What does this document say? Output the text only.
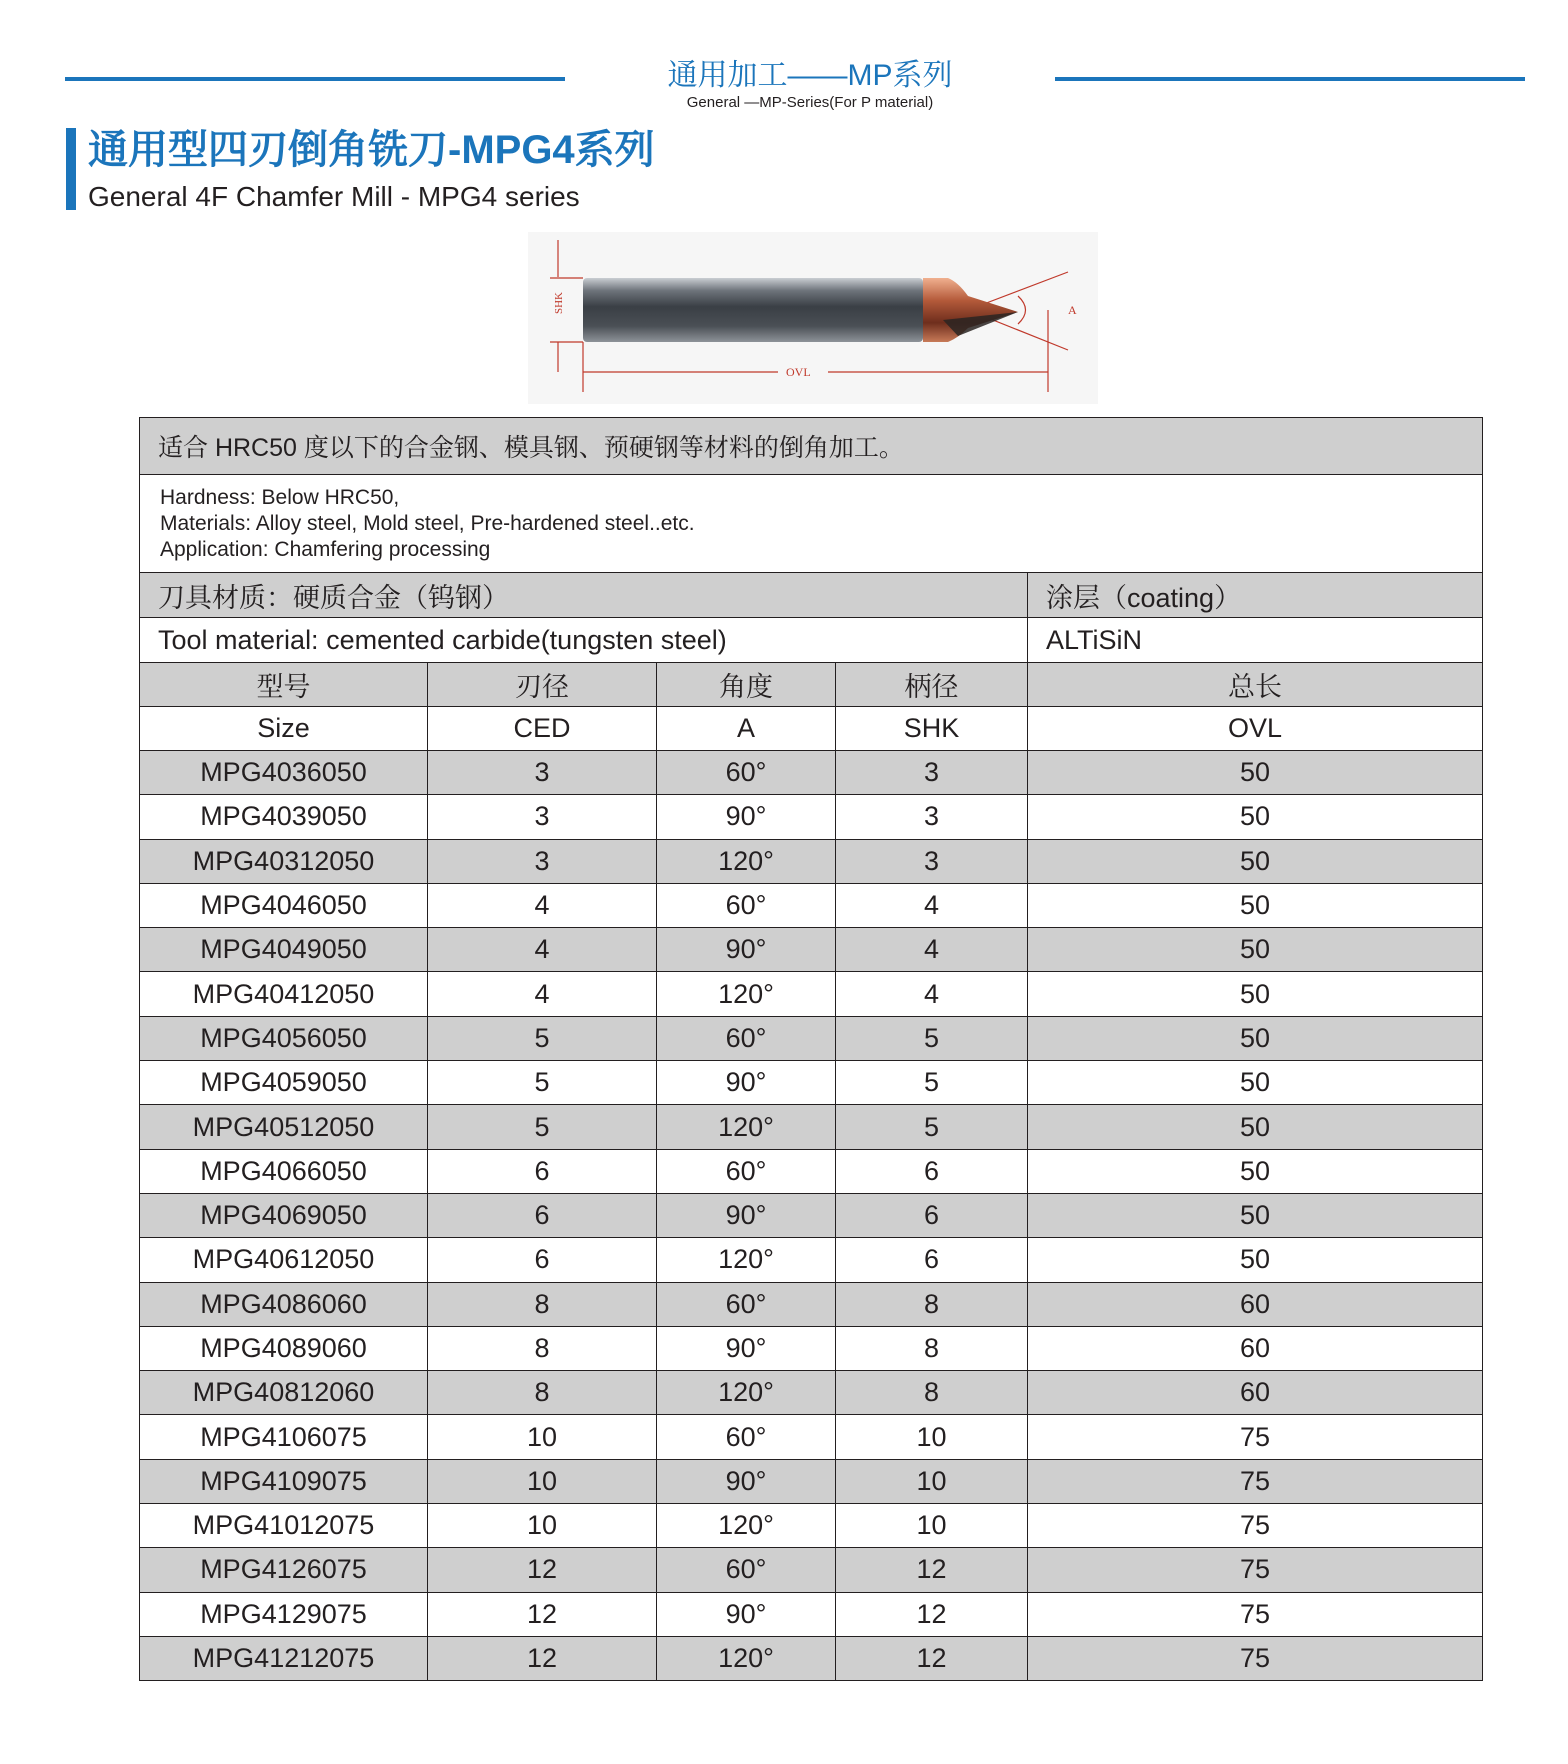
通用加工——MP系列
General —MP-Series(For P material)
通用型四刃倒角铣刀-MPG4系列
General 4F Chamfer Mill - MPG4 series
SHK
OVL
A
适合 HRC50 度以下的合金钢、模具钢、预硬钢等材料的倒角加工。				

Hardness: Below HRC50,
Materials: Alloy steel, Mold steel, Pre-hardened steel..etc.
Application: Chamfering processing				

刀具材质：硬质合金（钨钢）				涂层（coating）
Tool material: cemented carbide(tungsten steel)				ALTiSiN
型号	刃径	角度	柄径	总长
Size	CED	A	SHK	OVL
MPG4036050	3	60°	3	50
MPG4039050	3	90°	3	50
MPG40312050	3	120°	3	50
MPG4046050	4	60°	4	50
MPG4049050	4	90°	4	50
MPG40412050	4	120°	4	50
MPG4056050	5	60°	5	50
MPG4059050	5	90°	5	50
MPG40512050	5	120°	5	50
MPG4066050	6	60°	6	50
MPG4069050	6	90°	6	50
MPG40612050	6	120°	6	50
MPG4086060	8	60°	8	60
MPG4089060	8	90°	8	60
MPG40812060	8	120°	8	60
MPG4106075	10	60°	10	75
MPG4109075	10	90°	10	75
MPG41012075	10	120°	10	75
MPG4126075	12	60°	12	75
MPG4129075	12	90°	12	75
MPG41212075	12	120°	12	75
